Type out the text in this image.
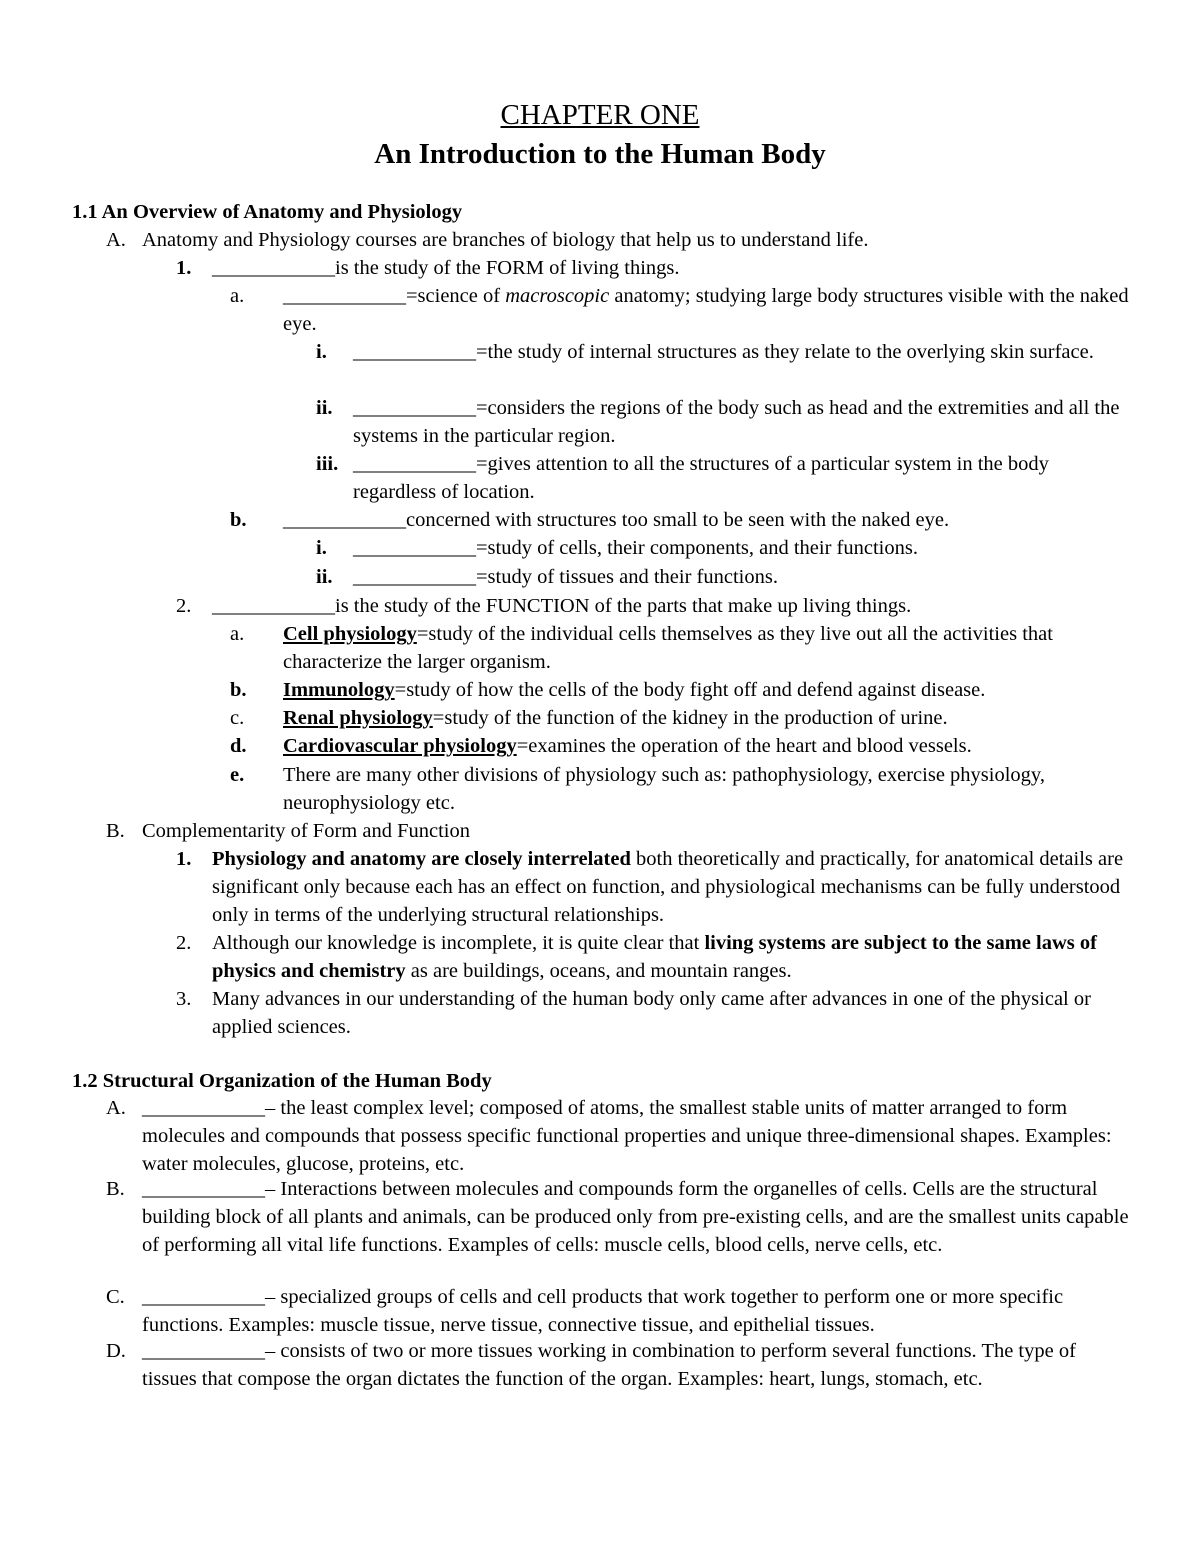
CHAPTER ONE
An Introduction to the Human Body
1.1 An Overview of Anatomy and Physiology
A. Anatomy and Physiology courses are branches of biology that help us to understand life.
1. ____________is the study of the FORM of living things.
a. ____________=science of macroscopic anatomy; studying large body structures visible with the naked eye.
i. ____________=the study of internal structures as they relate to the overlying skin surface.
ii. ____________=considers the regions of the body such as head and the extremities and all the systems in the particular region.
iii. ____________=gives attention to all the structures of a particular system in the body regardless of location.
b. ____________concerned with structures too small to be seen with the naked eye.
i. ____________=study of cells, their components, and their functions.
ii. ____________=study of tissues and their functions.
2. ____________is the study of the FUNCTION of the parts that make up living things.
a. Cell physiology=study of the individual cells themselves as they live out all the activities that characterize the larger organism.
b. Immunology=study of how the cells of the body fight off and defend against disease.
c. Renal physiology=study of the function of the kidney in the production of urine.
d. Cardiovascular physiology=examines the operation of the heart and blood vessels.
e. There are many other divisions of physiology such as: pathophysiology, exercise physiology, neurophysiology etc.
B. Complementarity of Form and Function
1. Physiology and anatomy are closely interrelated both theoretically and practically, for anatomical details are significant only because each has an effect on function, and physiological mechanisms can be fully understood only in terms of the underlying structural relationships.
2. Although our knowledge is incomplete, it is quite clear that living systems are subject to the same laws of physics and chemistry as are buildings, oceans, and mountain ranges.
3. Many advances in our understanding of the human body only came after advances in one of the physical or applied sciences.
1.2 Structural Organization of the Human Body
A. ____________– the least complex level; composed of atoms, the smallest stable units of matter arranged to form molecules and compounds that possess specific functional properties and unique three-dimensional shapes. Examples: water molecules, glucose, proteins, etc.
B. ____________– Interactions between molecules and compounds form the organelles of cells. Cells are the structural building block of all plants and animals, can be produced only from pre-existing cells, and are the smallest units capable of performing all vital life functions. Examples of cells: muscle cells, blood cells, nerve cells, etc.
C. ____________– specialized groups of cells and cell products that work together to perform one or more specific functions. Examples: muscle tissue, nerve tissue, connective tissue, and epithelial tissues.
D. ____________– consists of two or more tissues working in combination to perform several functions. The type of tissues that compose the organ dictates the function of the organ. Examples: heart, lungs, stomach, etc.
